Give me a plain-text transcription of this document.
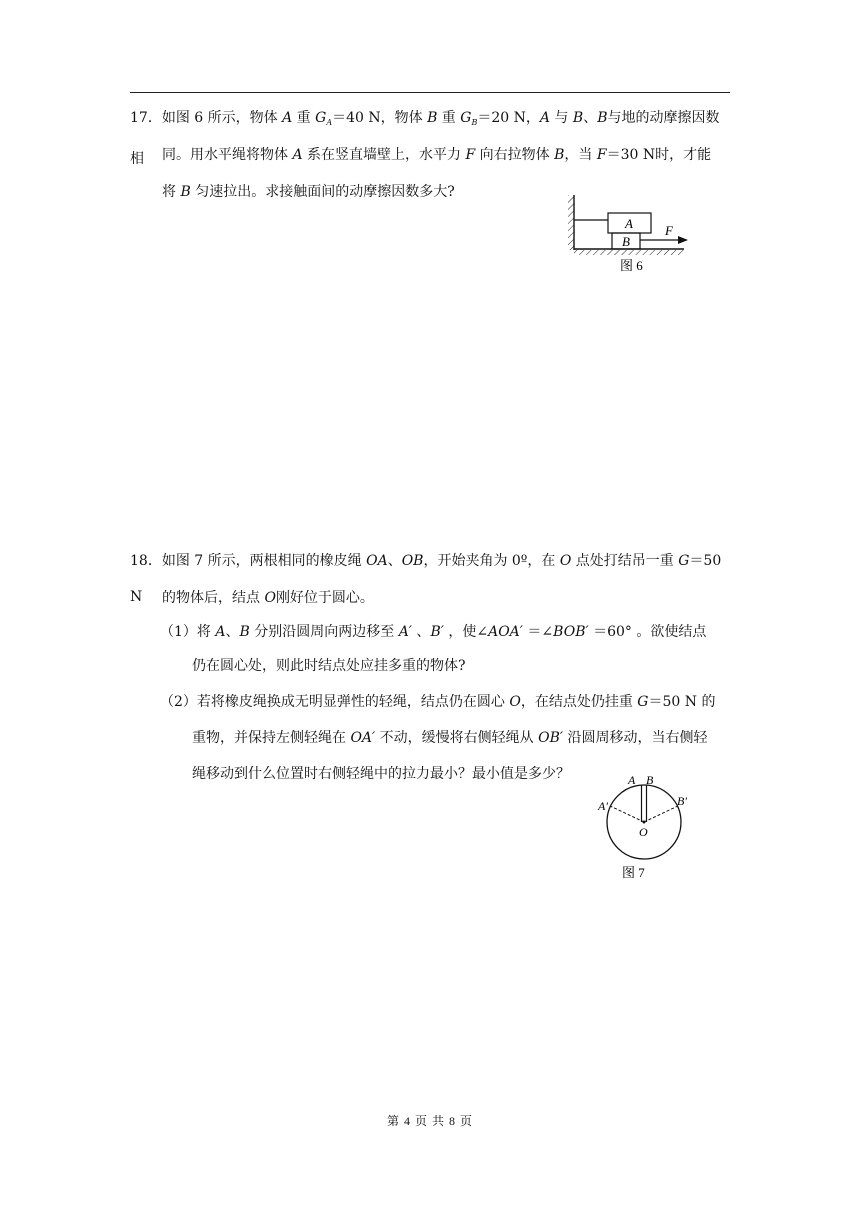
17．如图 6 所示，物体 A 重 $G_A=40$ N，物体 B 重 $G_B=20$ N，A 与 B、B与地的动摩擦因数相	同。用水平绳将物体 A 系在竖直墙壁上，水平力 F 向右拉物体 B，当 F＝30 N时，才能

将 B 匀速拉出。求接触面间的动摩擦因数多大?

A
B
F
图 6

18．如图 7 所示，两根相同的橡皮绳 OA、OB，开始夹角为 0º，在 O 点处打结吊一重 G＝50 N	的物体后，结点 O刚好位于圆心。

（1）将 A、B 分别沿圆周向两边移至 A′ 、B′ ，使∠AOA′ ＝∠BOB′ ＝60° 。欲使结点

仍在圆心处，则此时结点处应挂多重的物体?

（2）若将橡皮绳换成无明显弹性的轻绳，结点仍在圆心 O，在结点处仍挂重 G＝50 N 的

重物，并保持左侧轻绳在 OA′ 不动，缓慢将右侧轻绳从 OB′ 沿圆周移动，当右侧轻

绳移动到什么位置时右侧轻绳中的拉力最小？最小值是多少？	A B
A′	B′
O
图 7
第 4 页 共 8 页
